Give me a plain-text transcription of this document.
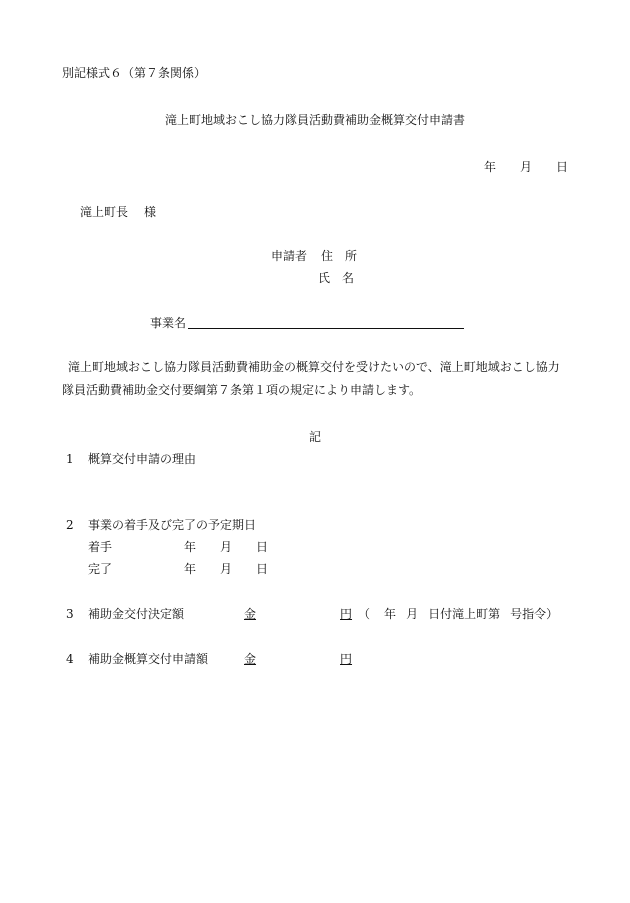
別記様式６（第７条関係）
滝上町地域おこし協力隊員活動費補助金概算交付申請書
年 月 日
滝上町長 様
申請者 住　所
氏　名
事業名
滝上町地域おこし協力隊員活動費補助金の概算交付を受けたいので、滝上町地域おこし協力
隊員活動費補助金交付要綱第７条第１項の規定により申請します。
記
1 概算交付申請の理由
2 事業の着手及び完了の予定期日
着手	年 月 日
完了	年 月 日
3 補助金交付決定額	金	円 （ 年 月 日付滝上町第 号指令）
4 補助金概算交付申請額	金	円
